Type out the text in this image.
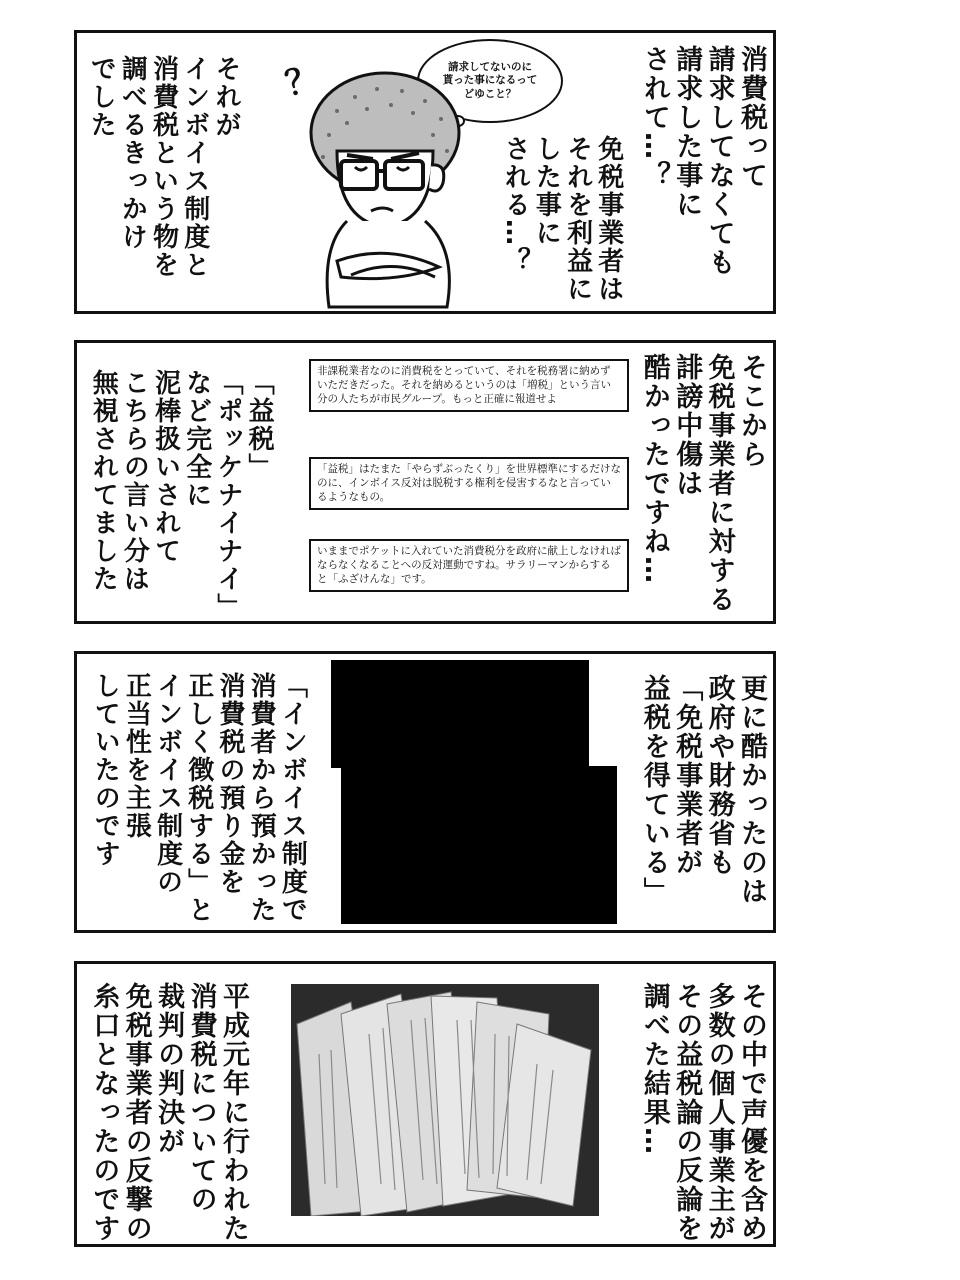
消費税って
請求してなくても
請求した事に
されて…？
免税事業者は
それを利益に
した事に
される…？
それが
インボイス制度と
消費税という物を
調べるきっかけ
でした	請求してないのに
貰った事になるって
どゆこと？
？
そこから
免税事業者に対する
誹謗中傷は
酷かったですね…
「益税」
「ポッケナイナイ」
など完全に
泥棒扱いされて
こちらの言い分は
無視されてました	非課税業者なのに消費税をとっていて、それを税務署に納めずいただきだった。それを納めるというのは「増税」という言い分の人たちが市民グループ。もっと正確に報道せよ
「益税」はたまた「やらずぶったくり」を世界標準にするだけなのに、インボイス反対は脱税する権利を侵害するなと言っているようなもの。
いままでポケットに入れていた消費税分を政府に献上しなければならなくなることへの反対運動ですね。サラリーマンからすると「ふざけんな」です。
更に酷かったのは
政府や財務省も
「免税事業者が
益税を得ている」
「インボイス制度で
消費者から預かった
消費税の預り金を
正しく徴税する」と
インボイス制度の
正当性を主張
していたのです
その中で声優を含め
多数の個人事業主が
その益税論の反論を
調べた結果…
平成元年に行われた
消費税についての
裁判の判決が
免税事業者の反撃の
糸口となったのです
